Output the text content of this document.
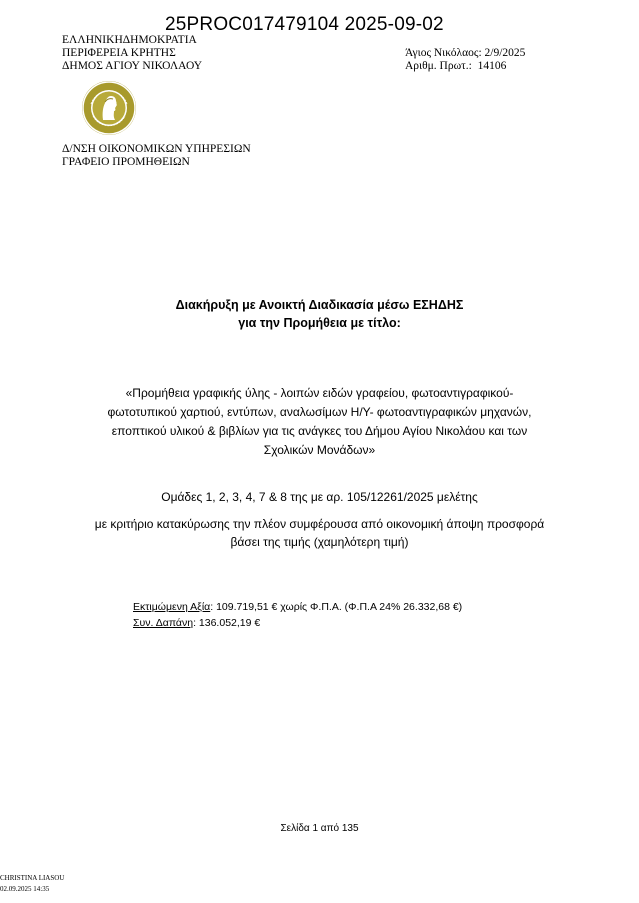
25PROC017479104 2025-09-02
ΕΛΛΗΝΙΚΗΔΗΜΟΚΡΑΤΙΑ
ΠΕΡΙΦΕΡΕΙΑ ΚΡΗΤΗΣ
ΔΗΜΟΣ ΑΓΙΟΥ ΝΙΚΟΛΑΟΥ
Άγιος Νικόλαος: 2/9/2025
Αριθμ. Πρωτ.: 14106
Δ/ΝΣΗ ΟΙΚΟΝΟΜΙΚΩΝ ΥΠΗΡΕΣΙΩΝ
ΓΡΑΦΕΙΟ ΠΡΟΜΗΘΕΙΩΝ
Διακήρυξη με Ανοικτή Διαδικασία μέσω ΕΣΗΔΗΣ
για την Προμήθεια με τίτλο:
«Προμήθεια γραφικής ύλης - λοιπών ειδών γραφείου, φωτοαντιγραφικού-
φωτοτυπικού χαρτιού, εντύπων, αναλωσίμων Η/Υ- φωτοαντιγραφικών μηχανών,
εποπτικού υλικού & βιβλίων για τις ανάγκες του Δήμου Αγίου Νικολάου και των
Σχολικών Μονάδων»
Ομάδες 1, 2, 3, 4, 7 & 8 της με αρ. 105/12261/2025 μελέτης
με κριτήριο κατακύρωσης την πλέον συμφέρουσα από οικονομική άποψη προσφορά
βάσει της τιμής (χαμηλότερη τιμή)
Εκτιμώμενη Αξία: 109.719,51 € χωρίς Φ.Π.Α. (Φ.Π.Α 24% 26.332,68 €)
Συν. Δαπάνη: 136.052,19 €
Σελίδα 1 από 135
CHRISTINA LIASOU
02.09.2025 14:35
